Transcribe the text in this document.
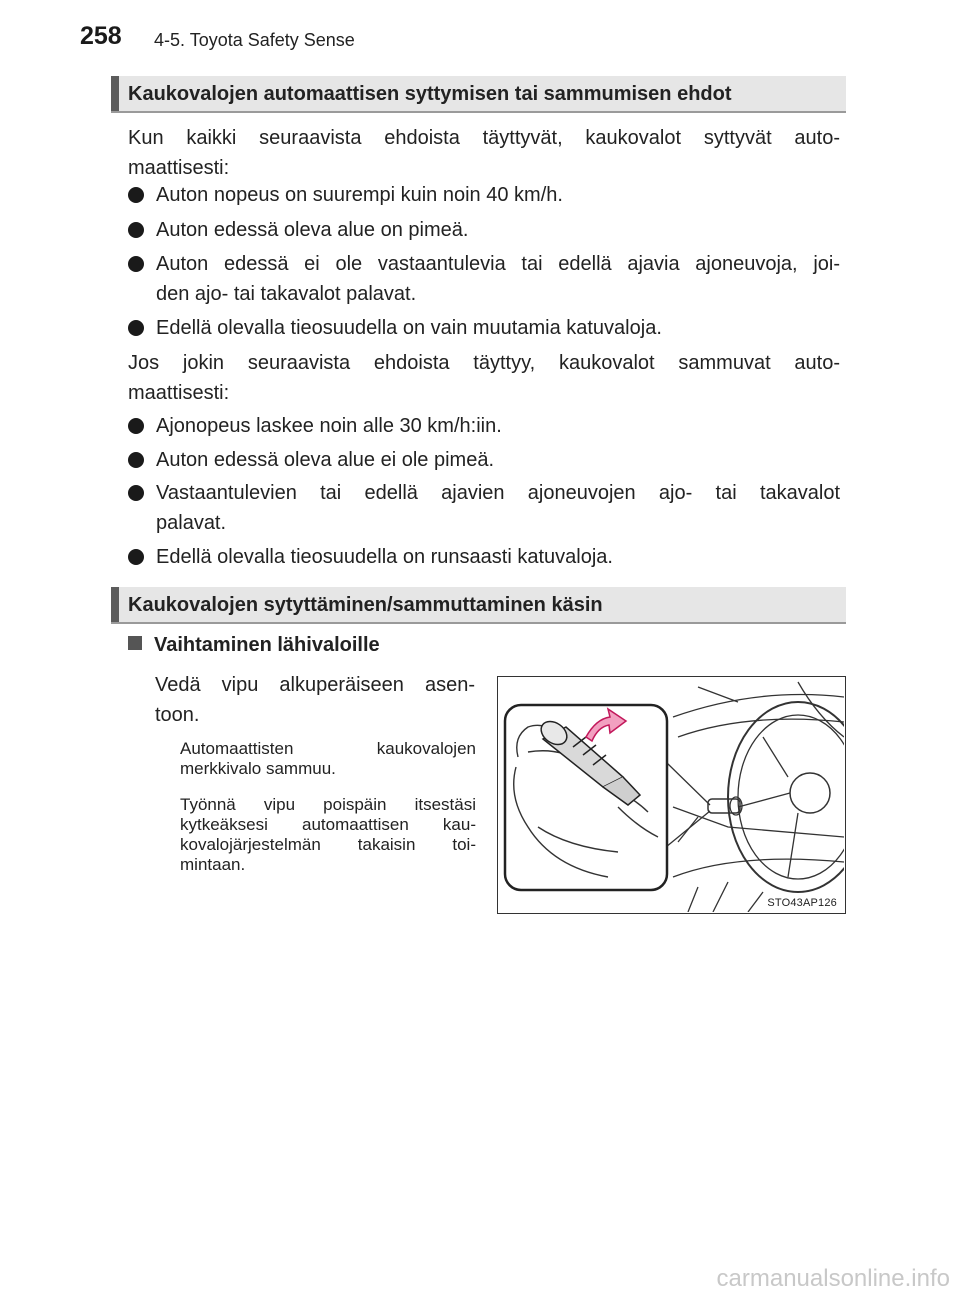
258 4-5. Toyota Safety Sense
Kaukovalojen automaattisen syttymisen tai sammumisen ehdot
Kun kaikki seuraavista ehdoista täyttyvät, kaukovalot syttyvät auto-
maattisesti:
Auton nopeus on suurempi kuin noin 40 km/h.
Auton edessä oleva alue on pimeä.
Auton edessä ei ole vastaantulevia tai edellä ajavia ajoneuvoja, joi-
den ajo- tai takavalot palavat.
Edellä olevalla tieosuudella on vain muutamia katuvaloja.
Jos jokin seuraavista ehdoista täyttyy, kaukovalot sammuvat auto-
maattisesti:
Ajonopeus laskee noin alle 30 km/h:iin.
Auton edessä oleva alue ei ole pimeä.
Vastaantulevien tai edellä ajavien ajoneuvojen ajo- tai takavalot
palavat.
Edellä olevalla tieosuudella on runsaasti katuvaloja.
Kaukovalojen sytyttäminen/sammuttaminen käsin
Vaihtaminen lähivaloille
Vedä vipu alkuperäiseen asen-
toon.
Automaattisten kaukovalojen
merkkivalo sammuu.
Työnnä vipu poispäin itsestäsi
kytkeäksesi automaattisen kau-
kovalojärjestelmän takaisin toi-
mintaan.
STO43AP126
carmanualsonline.info
